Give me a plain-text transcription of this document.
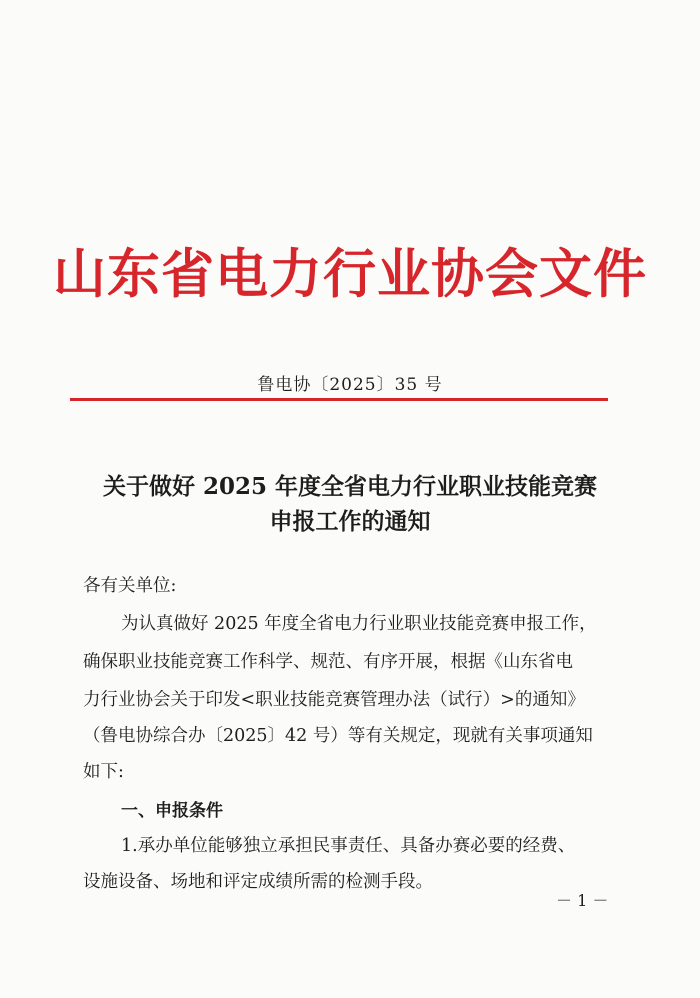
山东省电力行业协会文件
鲁电协〔2025〕35 号
关于做好 2025 年度全省电力行业职业技能竞赛
申报工作的通知
各有关单位:
为认真做好 2025 年度全省电力行业职业技能竞赛申报工作，
确保职业技能竞赛工作科学、规范、有序开展，根据《山东省电
力行业协会关于印发<职业技能竞赛管理办法（试行）>的通知》
（鲁电协综合办〔2025〕42 号）等有关规定，现就有关事项通知
如下:
一、申报条件
1.承办单位能够独立承担民事责任、具备办赛必要的经费、
设施设备、场地和评定成绩所需的检测手段。
－ 1 －
